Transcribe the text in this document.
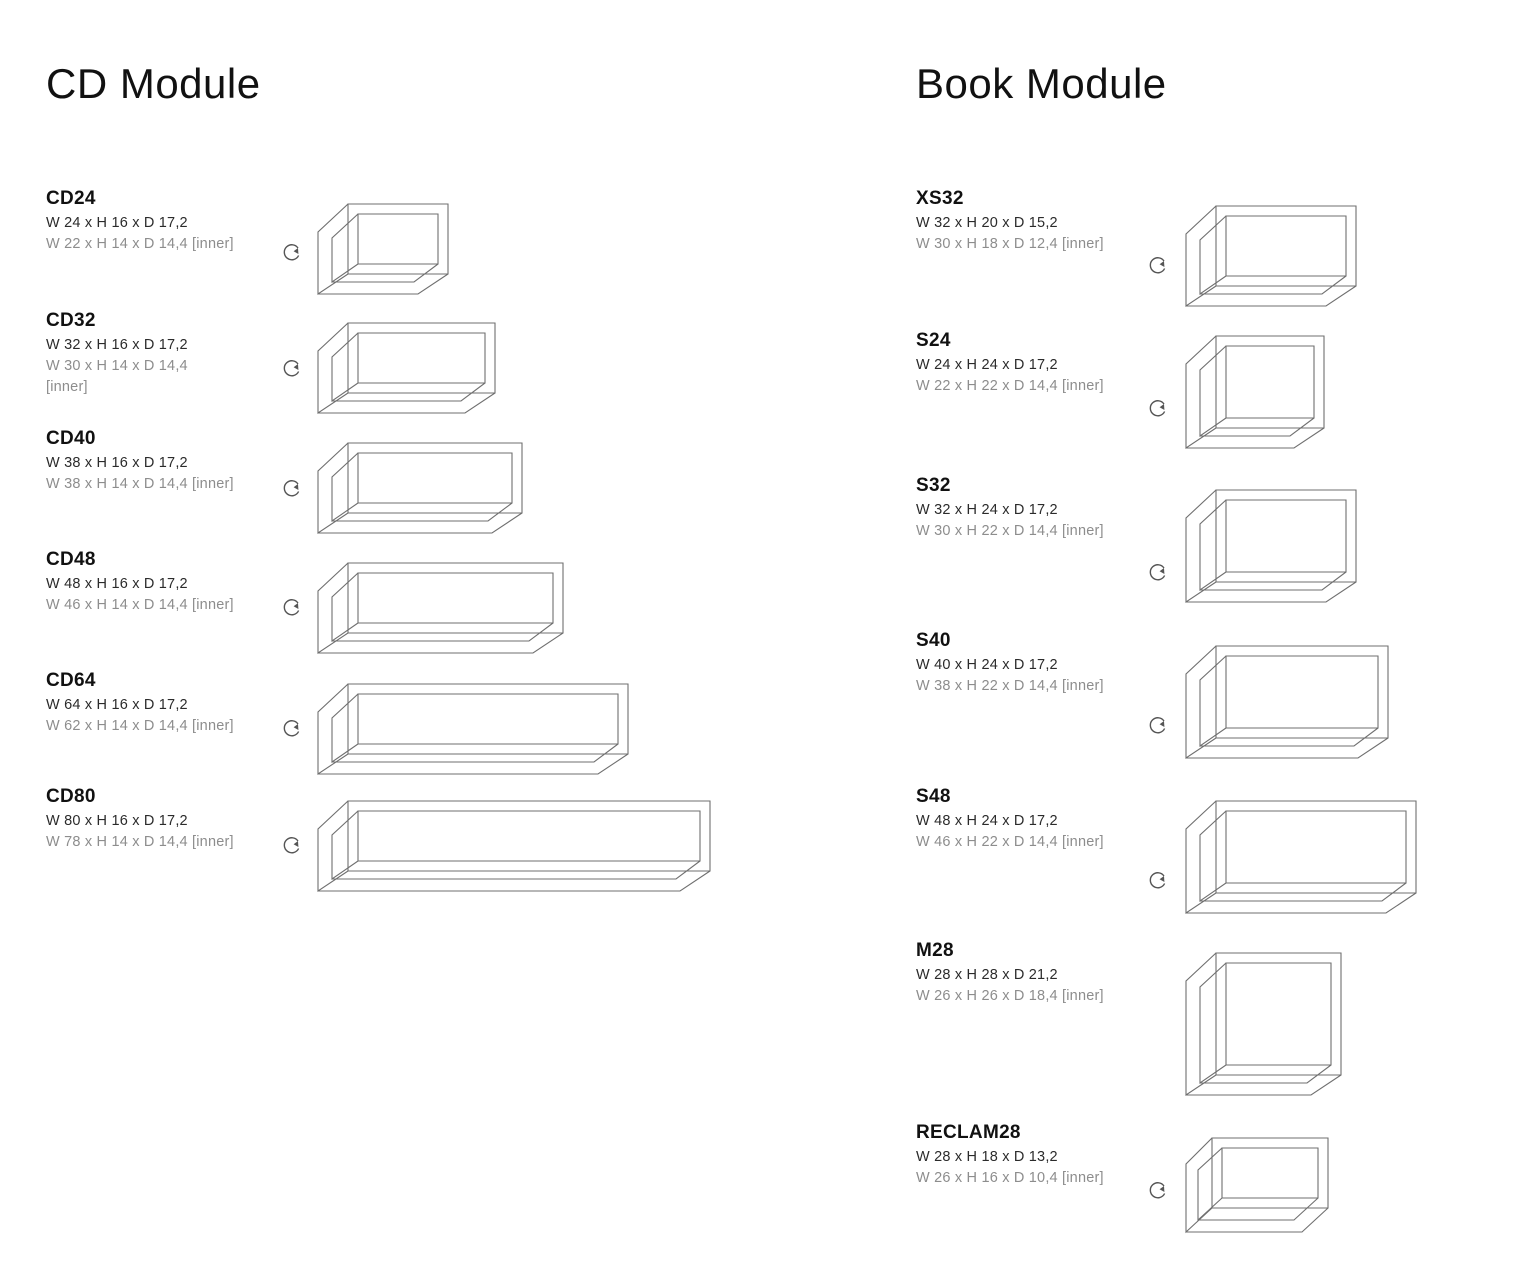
CD Module

CD24

W 24 x H 16 x D 17,2

W 22 x H 14 x D 14,4 [inner]

CD32

W 32 x H 16 x D 17,2

W 30 x H 14 x D 14,4

[inner]

CD40

W 38 x H 16 x D 17,2

W 38 x H 14 x D 14,4 [inner]

CD48

W 48 x H 16 x D 17,2

W 46 x H 14 x D 14,4 [inner]

CD64

W 64 x H 16 x D 17,2

W 62 x H 14 x D 14,4 [inner]

CD80

W 80 x H 16 x D 17,2

W 78 x H 14 x D 14,4 [inner]

Book Module

XS32

W 32 x H 20 x D 15,2

W 30 x H 18 x D 12,4 [inner]

S24

W 24 x H 24 x D 17,2

W 22 x H 22 x D 14,4 [inner]

S32

W 32 x H 24 x D 17,2

W 30 x H 22 x D 14,4 [inner]

S40

W 40 x H 24 x D 17,2

W 38 x H 22 x D 14,4 [inner]

S48

W 48 x H 24 x D 17,2

W 46 x H 22 x D 14,4 [inner]

M28

W 28 x H 28 x D 21,2

W 26 x H 26 x D 18,4 [inner]

RECLAM28

W 28 x H 18 x D 13,2

W 26 x H 16 x D 10,4 [inner]
